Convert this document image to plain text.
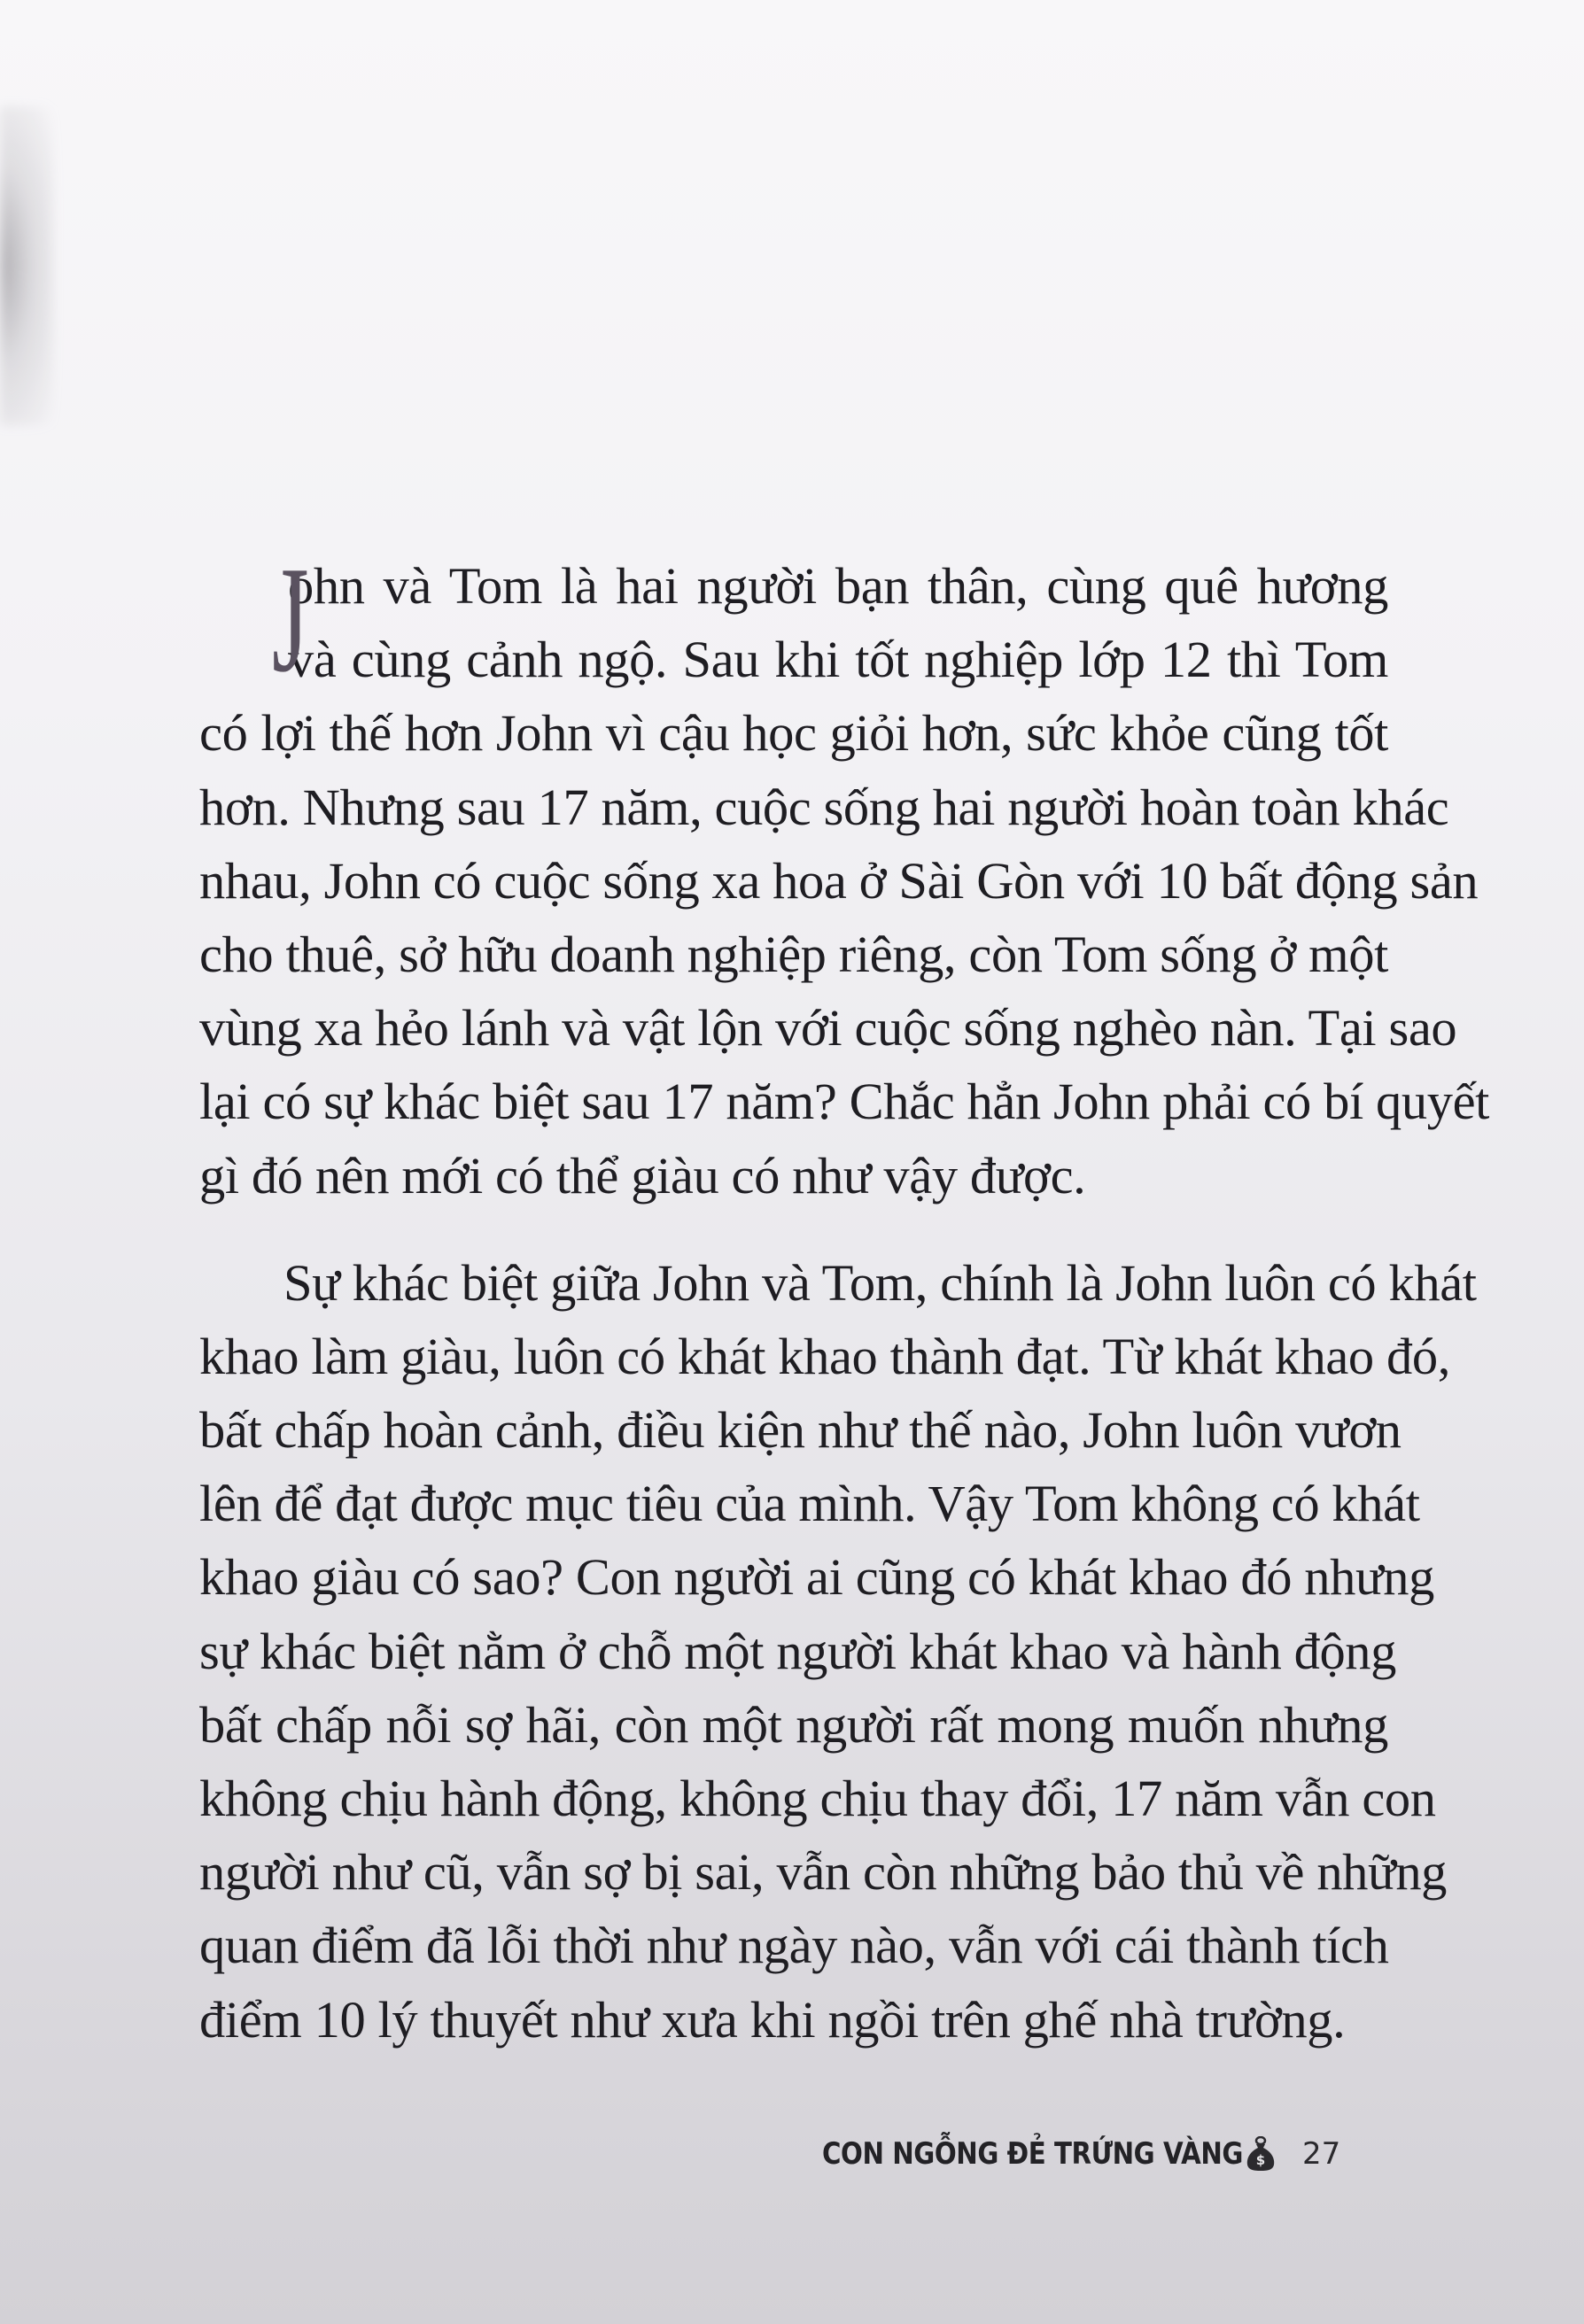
J
ohn và Tom là hai người bạn thân, cùng quê hương
và cùng cảnh ngộ. Sau khi tốt nghiệp lớp 12 thì Tom
có lợi thế hơn John vì cậu học giỏi hơn, sức khỏe cũng tốt
hơn. Nhưng sau 17 năm, cuộc sống hai người hoàn toàn khác
nhau, John có cuộc sống xa hoa ở Sài Gòn với 10 bất động sản
cho thuê, sở hữu doanh nghiệp riêng, còn Tom sống ở một
vùng xa hẻo lánh và vật lộn với cuộc sống nghèo nàn. Tại sao
lại có sự khác biệt sau 17 năm? Chắc hẳn John phải có bí quyết
gì đó nên mới có thể giàu có như vậy được.
Sự khác biệt giữa John và Tom, chính là John luôn có khát
khao làm giàu, luôn có khát khao thành đạt. Từ khát khao đó,
bất chấp hoàn cảnh, điều kiện như thế nào, John luôn vươn
lên để đạt được mục tiêu của mình. Vậy Tom không có khát
khao giàu có sao? Con người ai cũng có khát khao đó nhưng
sự khác biệt nằm ở chỗ một người khát khao và hành động
bất chấp nỗi sợ hãi, còn một người rất mong muốn nhưng
không chịu hành động, không chịu thay đổi, 17 năm vẫn con
người như cũ, vẫn sợ bị sai, vẫn còn những bảo thủ về những
quan điểm đã lỗi thời như ngày nào, vẫn với cái thành tích
điểm 10 lý thuyết như xưa khi ngồi trên ghế nhà trường.
CON NGỖNG ĐẺ TRỨNG VÀNG $ 27
